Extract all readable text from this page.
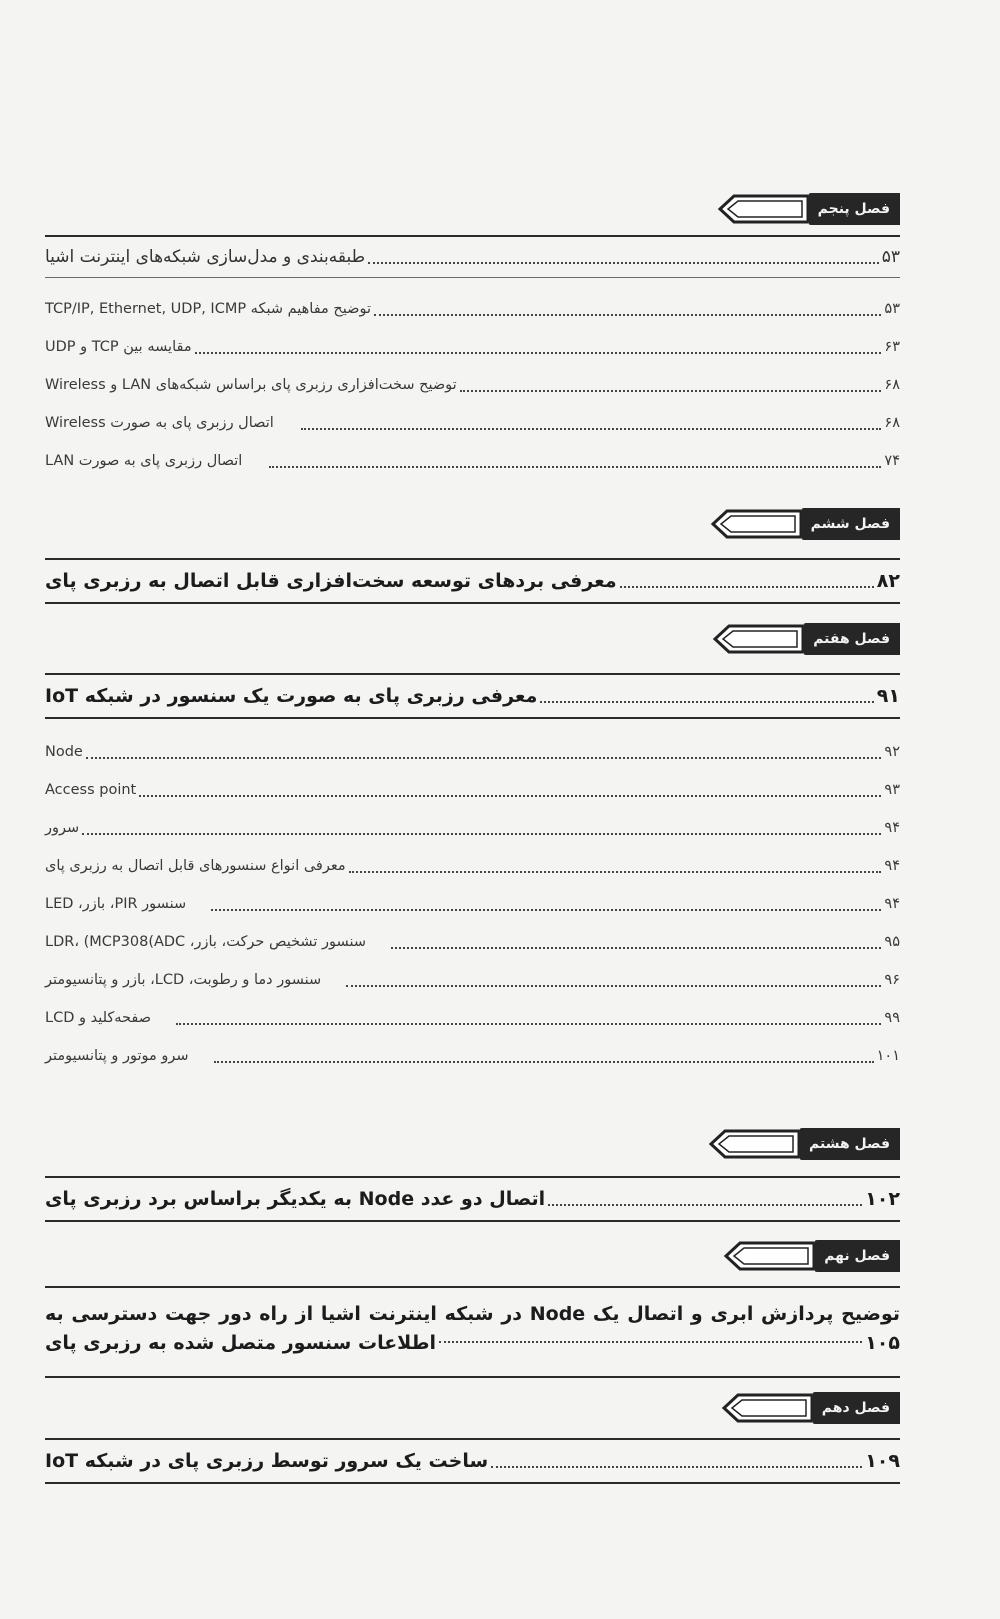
فصل پنجم
طبقه‌بندی و مدل‌سازی شبکه‌های اینترنت اشیا	۵۳
توضیح مفاهیم شبکه TCP/IP, Ethernet, UDP, ICMP	۵۳
مقایسه بین TCP و UDP	۶۳
توضیح سخت‌افزاری رزبری پای براساس شبکه‌های LAN و Wireless	۶۸
اتصال رزبری پای به صورت Wireless	۶۸
اتصال رزبری پای به صورت LAN	۷۴
فصل ششم
معرفی بردهای توسعه سخت‌افزاری قابل اتصال به رزبری پای	۸۲
فصل هفتم
معرفی رزبری پای به صورت یک سنسور در شبکه IoT	۹۱
Node	۹۲
Access point	۹۳
سرور	۹۴
معرفی انواع سنسورهای قابل اتصال به رزبری پای	۹۴
سنسور PIR، بازر، LED	۹۴
سنسور تشخیص حرکت، بازر، LDR، (MCP308(ADC	۹۵
سنسور دما و رطوبت، LCD، بازر و پتانسیومتر	۹۶
صفحه‌کلید و LCD	۹۹
سرو موتور و پتانسیومتر	۱۰۱
فصل هشتم
اتصال دو عدد Node به یکدیگر براساس برد رزبری پای	۱۰۲
فصل نهم
توضیح پردازش ابری و اتصال یک Node در شبکه اینترنت اشیا از راه دور جهت دسترسی به
اطلاعات سنسور متصل شده به رزبری پای	۱۰۵
فصل دهم
ساخت یک سرور توسط رزبری پای در شبکه IoT	۱۰۹
